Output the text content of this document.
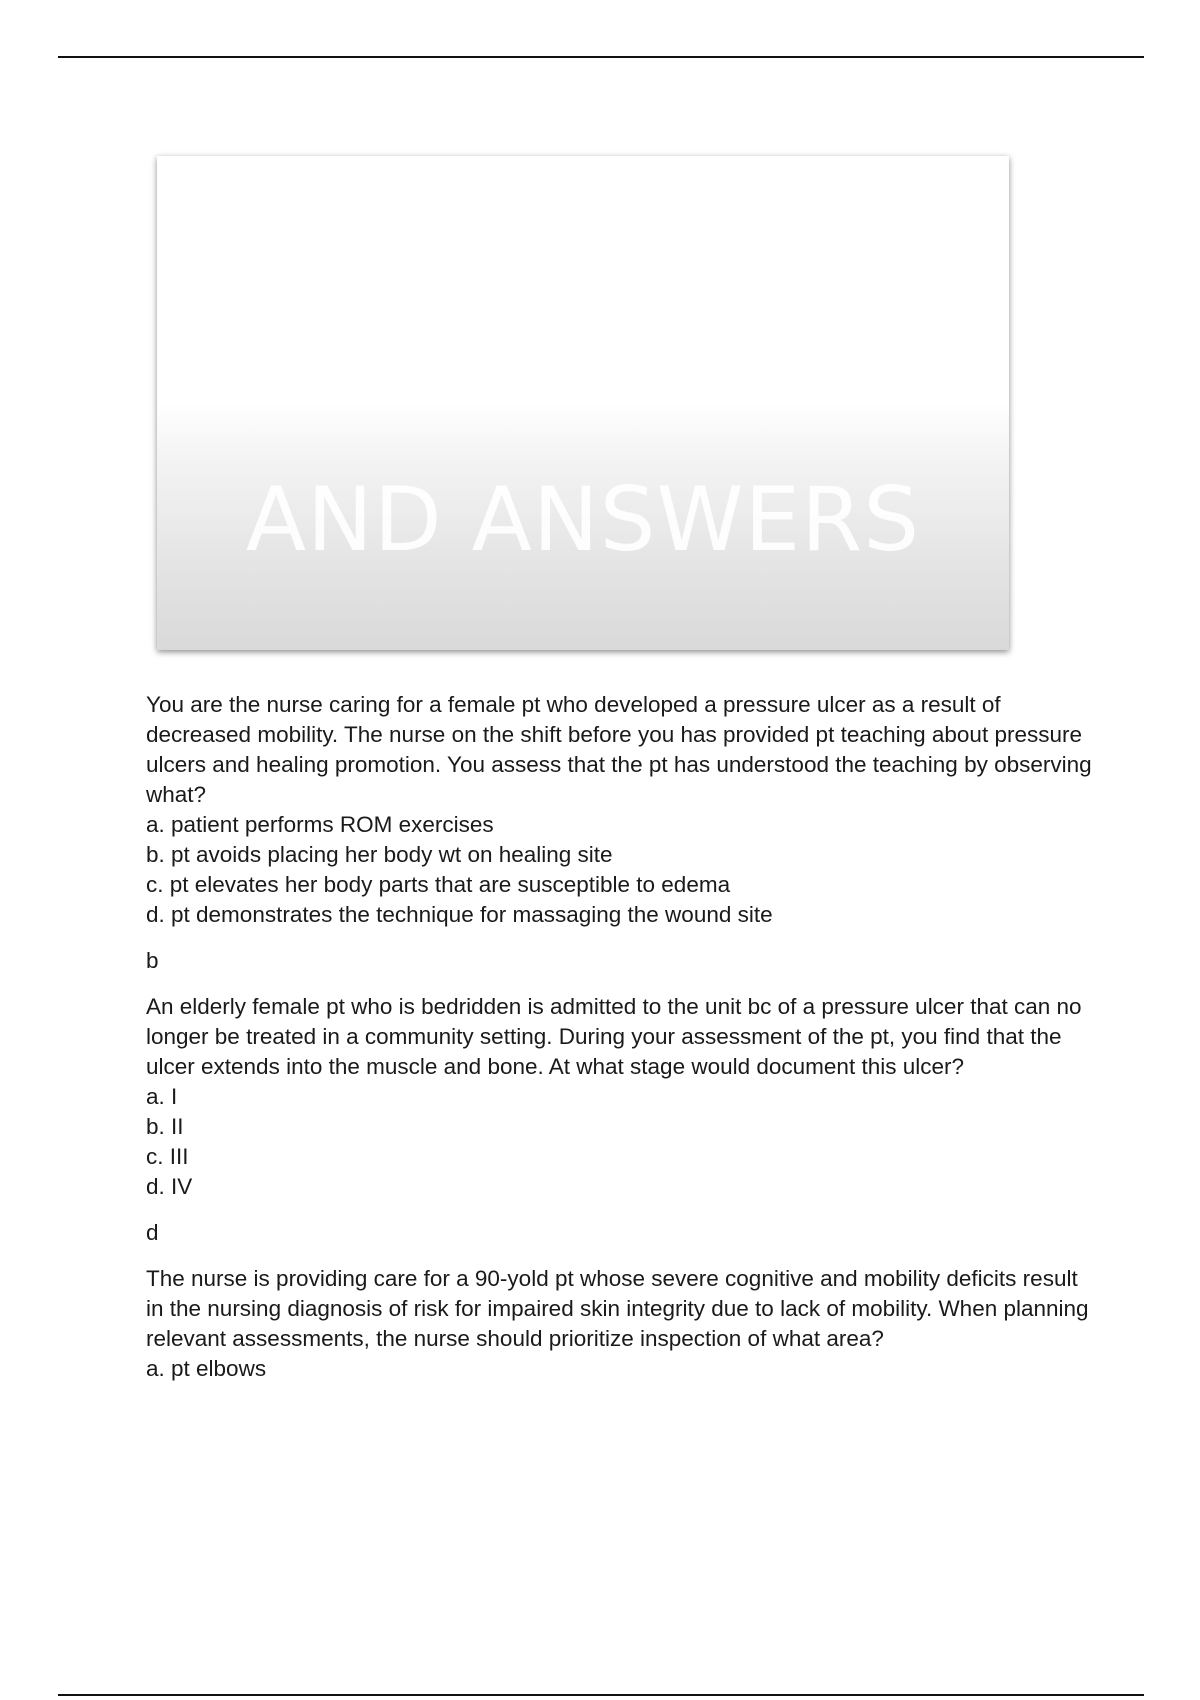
AND ANSWERS

You are the nurse caring for a female pt who developed a pressure ulcer as a result of decreased mobility. The nurse on the shift before you has provided pt teaching about pressure ulcers and healing promotion. You assess that the pt has understood the teaching by observing what?

a. patient performs ROM exercises

b. pt avoids placing her body wt on healing site

c. pt elevates her body parts that are susceptible to edema

d. pt demonstrates the technique for massaging the wound site

b

An elderly female pt who is bedridden is admitted to the unit bc of a pressure ulcer that can no longer be treated in a community setting. During your assessment of the pt, you find that the ulcer extends into the muscle and bone. At what stage would document this ulcer?

a. I

b. II

c. III

d. IV

d

The nurse is providing care for a 90-yold pt whose severe cognitive and mobility deficits result in the nursing diagnosis of risk for impaired skin integrity due to lack of mobility. When planning relevant assessments, the nurse should prioritize inspection of what area?

a. pt elbows
